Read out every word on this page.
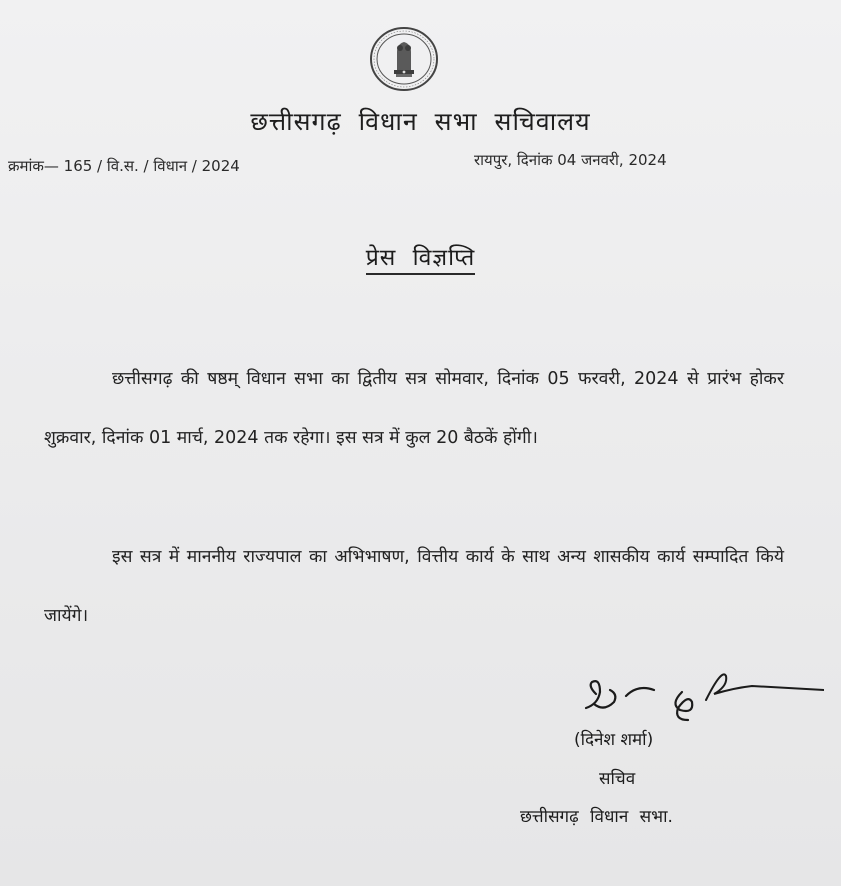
छत्तीसगढ़ विधान सभा सचिवालय
क्रमांक— 165 / वि.स. / विधान / 2024	रायपुर, दिनांक 04 जनवरी, 2024
प्रेस विज्ञप्ति
छत्तीसगढ़ की षष्ठम् विधान सभा का द्वितीय सत्र सोमवार, दिनांक 05 फरवरी, 2024 से प्रारंभ होकर शुक्रवार, दिनांक 01 मार्च, 2024 तक रहेगा। इस सत्र में कुल 20 बैठकें होंगी।
इस सत्र में माननीय राज्यपाल का अभिभाषण, वित्तीय कार्य के साथ अन्य शासकीय कार्य सम्पादित किये जायेंगे।
(दिनेश शर्मा)
सचिव
छत्तीसगढ़ विधान सभा.
